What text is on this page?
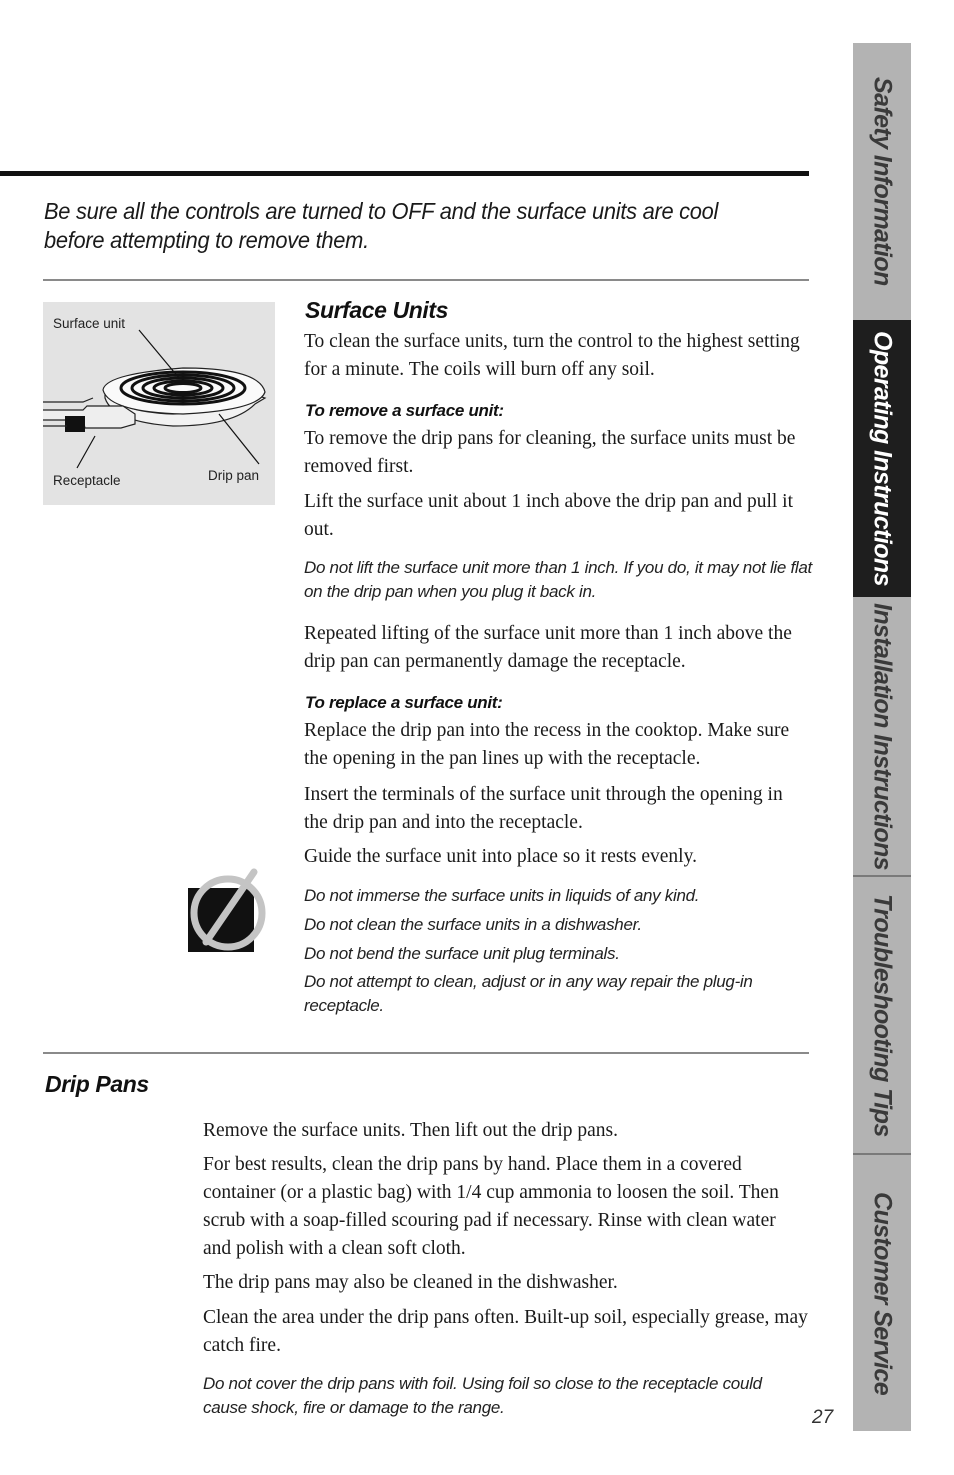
Be sure all the controls are turned to OFF and the surface units are cool before attempting to remove them.
Surface unit
Receptacle	Drip pan
Surface Units
To clean the surface units, turn the control to the highest setting for a minute. The coils will burn off any soil.
To remove a surface unit:
To remove the drip pans for cleaning, the surface units must be removed first.
Lift the surface unit about 1 inch above the drip pan and pull it out.
Do not lift the surface unit more than 1 inch. If you do, it may not lie flat on the drip pan when you plug it back in.
Repeated lifting of the surface unit more than 1 inch above the drip pan can permanently damage the receptacle.
To replace a surface unit:
Replace the drip pan into the recess in the cooktop. Make sure the opening in the pan lines up with the receptacle.
Insert the terminals of the surface unit through the opening in the drip pan and into the receptacle.
Guide the surface unit into place so it rests evenly.
Do not immerse the surface units in liquids of any kind.
Do not clean the surface units in a dishwasher.
Do not bend the surface unit plug terminals.
Do not attempt to clean, adjust or in any way repair the plug-in receptacle.
Drip Pans
Remove the surface units. Then lift out the drip pans.
For best results, clean the drip pans by hand. Place them in a covered container (or a plastic bag) with 1/4 cup ammonia to loosen the soil. Then scrub with a soap-filled scouring pad if necessary. Rinse with clean water and polish with a clean soft cloth.
The drip pans may also be cleaned in the dishwasher.
Clean the area under the drip pans often. Built-up soil, especially grease, may catch fire.
Do not cover the drip pans with foil. Using foil so close to the receptacle could cause shock, fire or damage to the range.
Safety Information
Operating Instructions
Installation Instructions
Troubleshooting Tips
Customer Service
27
